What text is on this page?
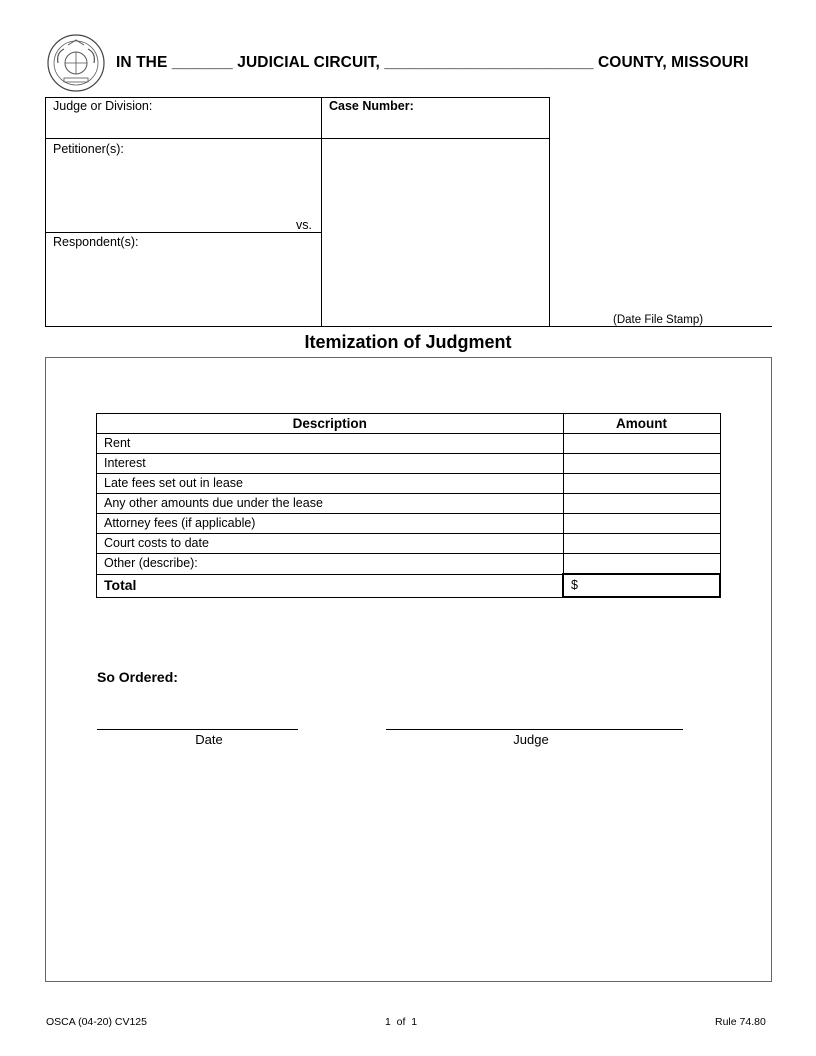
IN THE _______ JUDICIAL CIRCUIT, ________________________ COUNTY, MISSOURI
Judge or Division:	Case Number:
Petitioner(s):
vs.
Respondent(s):
(Date File Stamp)
Itemization of Judgment
Description	Amount
Rent	
Interest	
Late fees set out in lease	
Any other amounts due under the lease	
Attorney fees (if applicable)	
Court costs to date	
Other (describe):	
Total	$
So Ordered:
Date	Judge
OSCA (04-20) CV125	1  of  1	Rule 74.80
